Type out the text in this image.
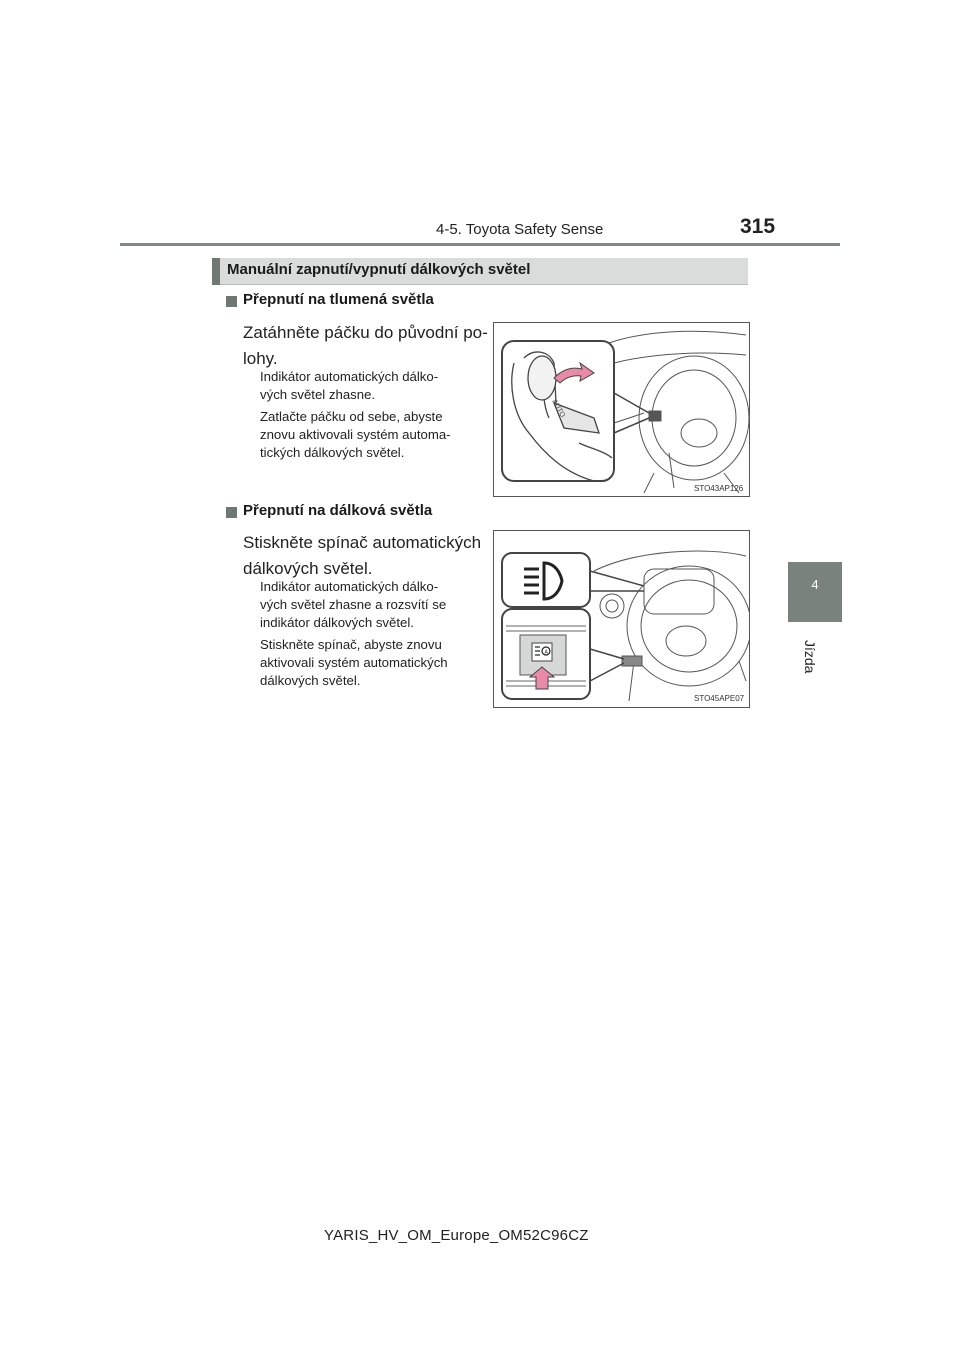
4-5. Toyota Safety Sense	315
4
Jízda
Manuální zapnutí/vypnutí dálkových světel
Přepnutí na tlumená světla
Zatáhněte páčku do původní po-
lohy.
Indikátor automatických dálko-
vých světel zhasne.
Zatlačte páčku od sebe, abyste
znovu aktivovali systém automa-
tických dálkových světel.
AUTO
STO43AP126
Přepnutí na dálková světla
Stiskněte spínač automatických
dálkových světel.
Indikátor automatických dálko-
vých světel zhasne a rozsvítí se
indikátor dálkových světel.
Stiskněte spínač, abyste znovu
aktivovali systém automatických
dálkových světel.
A
STO45APE07
YARIS_HV_OM_Europe_OM52C96CZ
